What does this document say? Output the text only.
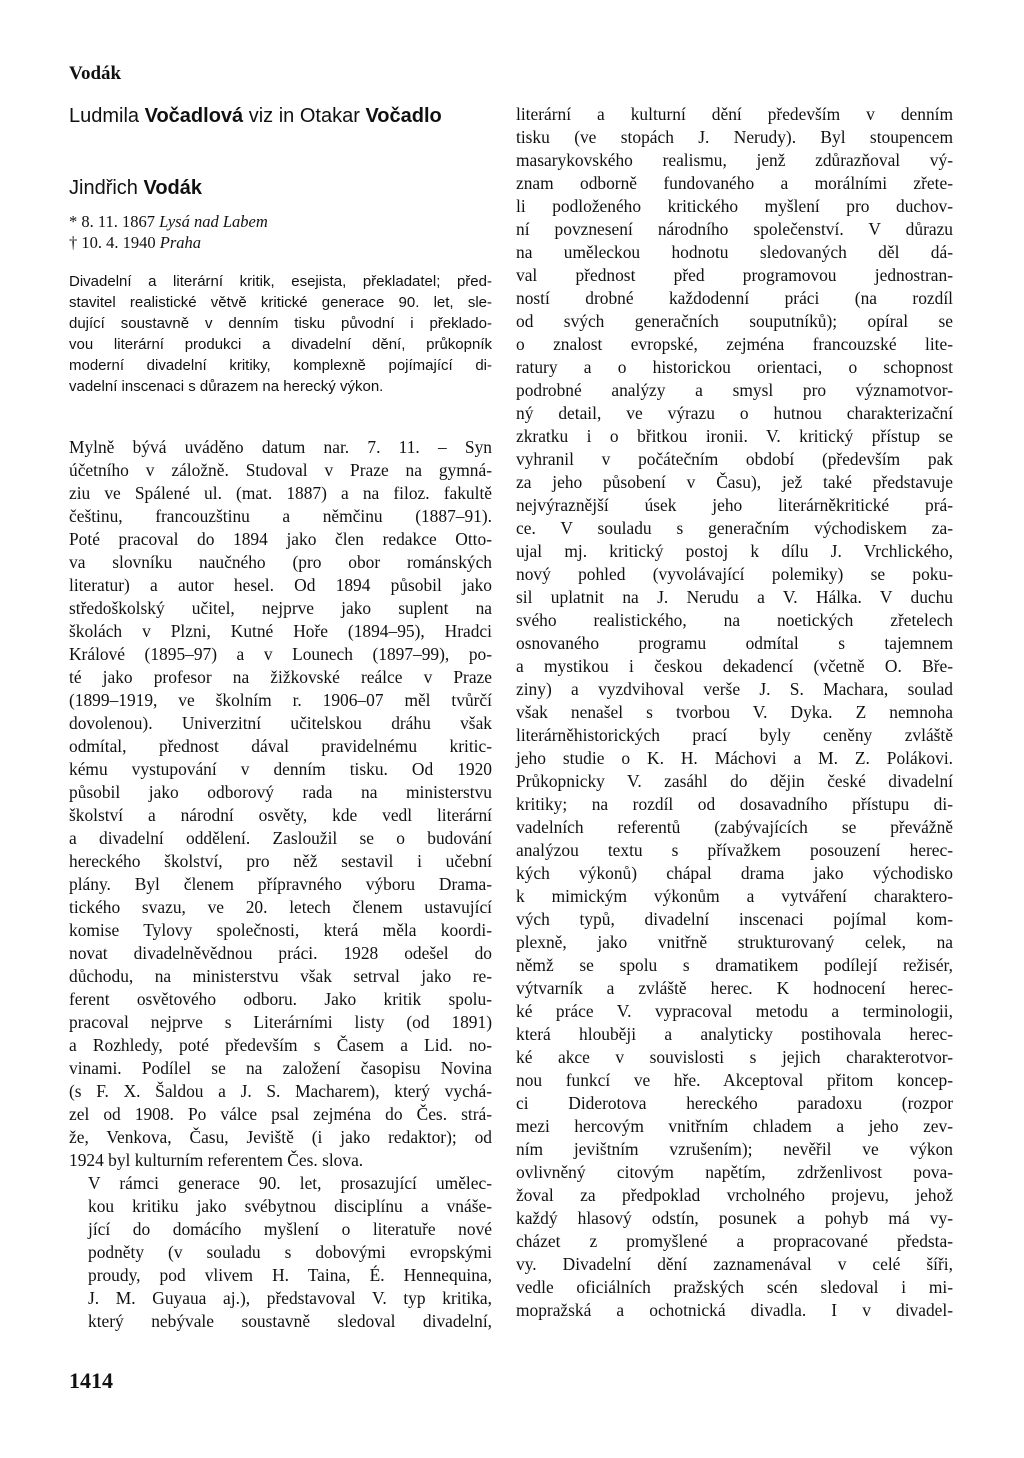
Vodák

Ludmila Vočadlová viz in Otakar Vočadlo

Jindřich Vodák

* 8. 11. 1867 Lysá nad Labem
† 10. 4. 1940 Praha

Divadelní a literární kritik, esejista, překladatel; před-
stavitel realistické větvě kritické generace 90. let, sle-
dující soustavně v denním tisku původní i překlado-
vou literární produkci a divadelní dění, průkopník
moderní divadelní kritiky, komplexně pojímající di-
vadelní inscenaci s důrazem na herecký výkon.

Mylně bývá uváděno datum nar. 7. 11. – Syn
účetního v záložně. Studoval v Praze na gymná-
ziu ve Spálené ul. (mat. 1887) a na filoz. fakultě
češtinu, francouzštinu a němčinu (1887–91).
Poté pracoval do 1894 jako člen redakce Otto-
va slovníku naučného (pro obor románských
literatur) a autor hesel. Od 1894 působil jako
středoškolský učitel, nejprve jako suplent na
školách v Plzni, Kutné Hoře (1894–95), Hradci
Králové (1895–97) a v Lounech (1897–99), po-
té jako profesor na žižkovské reálce v Praze
(1899–1919, ve školním r. 1906–07 měl tvůrčí
dovolenou). Univerzitní učitelskou dráhu však
odmítal, přednost dával pravidelnému kritic-
kému vystupování v denním tisku. Od 1920
působil jako odborový rada na ministerstvu
školství a národní osvěty, kde vedl literární
a divadelní oddělení. Zasloužil se o budování
hereckého školství, pro něž sestavil i učební
plány. Byl členem přípravného výboru Drama-
tického svazu, ve 20. letech členem ustavující
komise Tylovy společnosti, která měla koordi-
novat divadelněvědnou práci. 1928 odešel do
důchodu, na ministerstvu však setrval jako re-
ferent osvětového odboru. Jako kritik spolu-
pracoval nejprve s Literárními listy (od 1891)
a Rozhledy, poté především s Časem a Lid. no-
vinami. Podílel se na založení časopisu Novina
(s F. X. Šaldou a J. S. Macharem), který vychá-
zel od 1908. Po válce psal zejména do Čes. strá-
že, Venkova, Času, Jeviště (i jako redaktor); od
1924 byl kulturním referentem Čes. slova.

V rámci generace 90. let, prosazující umělec-
kou kritiku jako svébytnou disciplínu a vnáše-
jící do domácího myšlení o literatuře nové
podněty (v souladu s dobovými evropskými
proudy, pod vlivem H. Taina, É. Hennequina,
J. M. Guyaua aj.), představoval V. typ kritika,
který nebývale soustavně sledoval divadelní,

literární a kulturní dění především v denním
tisku (ve stopách J. Nerudy). Byl stoupencem
masarykovského realismu, jenž zdůrazňoval vý-
znam odborně fundovaného a morálními zřete-
li podloženého kritického myšlení pro duchov-
ní povznesení národního společenství. V důrazu
na uměleckou hodnotu sledovaných děl dá-
val přednost před programovou jednostran-
ností drobné každodenní práci (na rozdíl
od svých generačních souputníků); opíral se
o znalost evropské, zejména francouzské lite-
ratury a o historickou orientaci, o schopnost
podrobné analýzy a smysl pro významotvor-
ný detail, ve výrazu o hutnou charakterizační
zkratku i o břitkou ironii. V. kritický přístup se
vyhranil v počátečním období (především pak
za jeho působení v Času), jež také představuje
nejvýraznější úsek jeho literárněkritické prá-
ce. V souladu s generačním východiskem za-
ujal mj. kritický postoj k dílu J. Vrchlického,
nový pohled (vyvolávající polemiky) se poku-
sil uplatnit na J. Nerudu a V. Hálka. V duchu
svého realistického, na noetických zřetelech
osnovaného programu odmítal s tajemnem
a mystikou i českou dekadencí (včetně O. Bře-
ziny) a vyzdvihoval verše J. S. Machara, soulad
však nenašel s tvorbou V. Dyka. Z nemnoha
literárněhistorických prací byly ceněny zvláště
jeho studie o K. H. Máchovi a M. Z. Polákovi.
Průkopnicky V. zasáhl do dějin české divadelní
kritiky; na rozdíl od dosavadního přístupu di-
vadelních referentů (zabývajících se převážně
analýzou textu s přívažkem posouzení herec-
kých výkonů) chápal drama jako východisko
k mimickým výkonům a vytváření charaktero-
vých typů, divadelní inscenaci pojímal kom-
plexně, jako vnitřně strukturovaný celek, na
němž se spolu s dramatikem podílejí režisér,
výtvarník a zvláště herec. K hodnocení herec-
ké práce V. vypracoval metodu a terminologii,
která hlouběji a analyticky postihovala herec-
ké akce v souvislosti s jejich charakterotvor-
nou funkcí ve hře. Akceptoval přitom koncep-
ci Diderotova hereckého paradoxu (rozpor
mezi hercovým vnitřním chladem a jeho zev-
ním jevištním vzrušením); nevěřil ve výkon
ovlivněný citovým napětím, zdrženlivost pova-
žoval za předpoklad vrcholného projevu, jehož
každý hlasový odstín, posunek a pohyb má vy-
cházet z promyšlené a propracované předsta-
vy. Divadelní dění zaznamenával v celé šíři,
vedle oficiálních pražských scén sledoval i mi-
mopražská a ochotnická divadla. I v divadel-

1414
